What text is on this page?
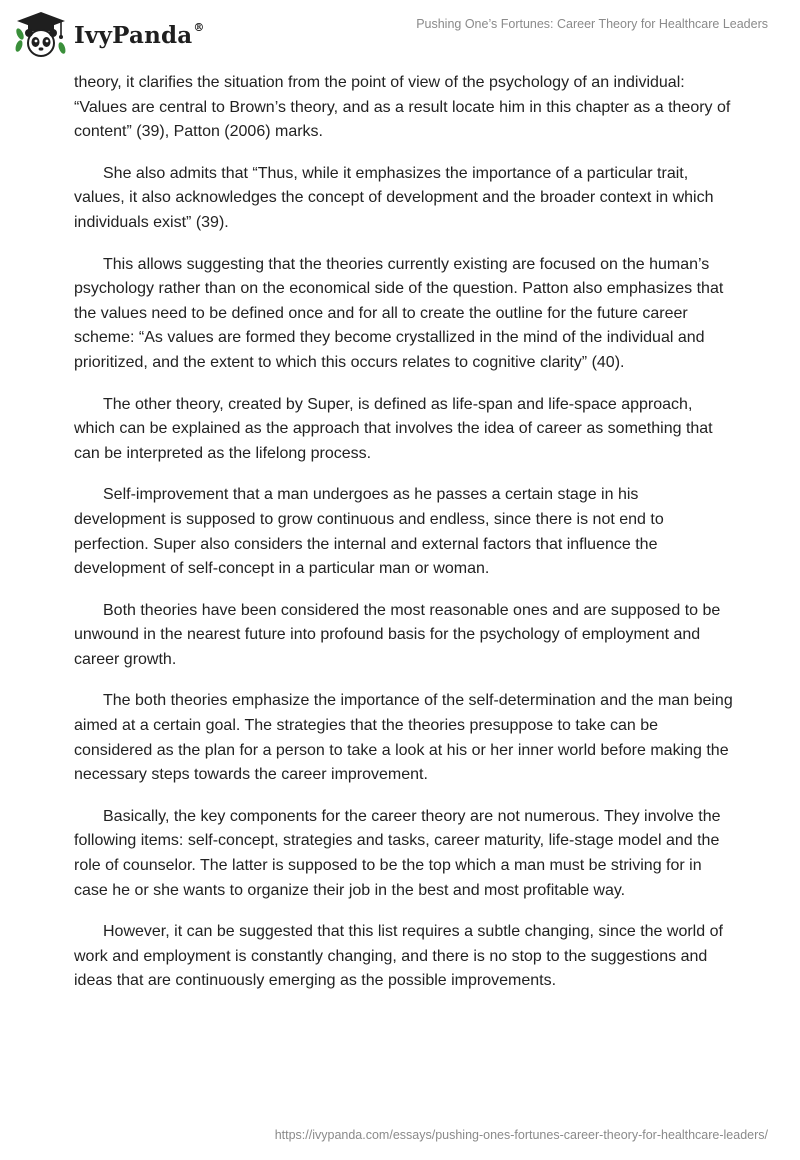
IvyPanda®	Pushing One’s Fortunes: Career Theory for Healthcare Leaders

theory, it clarifies the situation from the point of view of the psychology of an individual: “Values are central to Brown’s theory, and as a result locate him in this chapter as a theory of content” (39), Patton (2006) marks.

She also admits that “Thus, while it emphasizes the importance of a particular trait, values, it also acknowledges the concept of development and the broader context in which individuals exist” (39).

This allows suggesting that the theories currently existing are focused on the human’s psychology rather than on the economical side of the question. Patton also emphasizes that the values need to be defined once and for all to create the outline for the future career scheme: “As values are formed they become crystallized in the mind of the individual and prioritized, and the extent to which this occurs relates to cognitive clarity” (40).

The other theory, created by Super, is defined as life-span and life-space approach, which can be explained as the approach that involves the idea of career as something that can be interpreted as the lifelong process.

Self-improvement that a man undergoes as he passes a certain stage in his development is supposed to grow continuous and endless, since there is not end to perfection. Super also considers the internal and external factors that influence the development of self-concept in a particular man or woman.

Both theories have been considered the most reasonable ones and are supposed to be unwound in the nearest future into profound basis for the psychology of employment and career growth.

The both theories emphasize the importance of the self-determination and the man being aimed at a certain goal. The strategies that the theories presuppose to take can be considered as the plan for a person to take a look at his or her inner world before making the necessary steps towards the career improvement.

Basically, the key components for the career theory are not numerous. They involve the following items: self-concept, strategies and tasks, career maturity, life-stage model and the role of counselor. The latter is supposed to be the top which a man must be striving for in case he or she wants to organize their job in the best and most profitable way.

However, it can be suggested that this list requires a subtle changing, since the world of work and employment is constantly changing, and there is no stop to the suggestions and ideas that are continuously emerging as the possible improvements.

https://ivypanda.com/essays/pushing-ones-fortunes-career-theory-for-healthcare-leaders/
